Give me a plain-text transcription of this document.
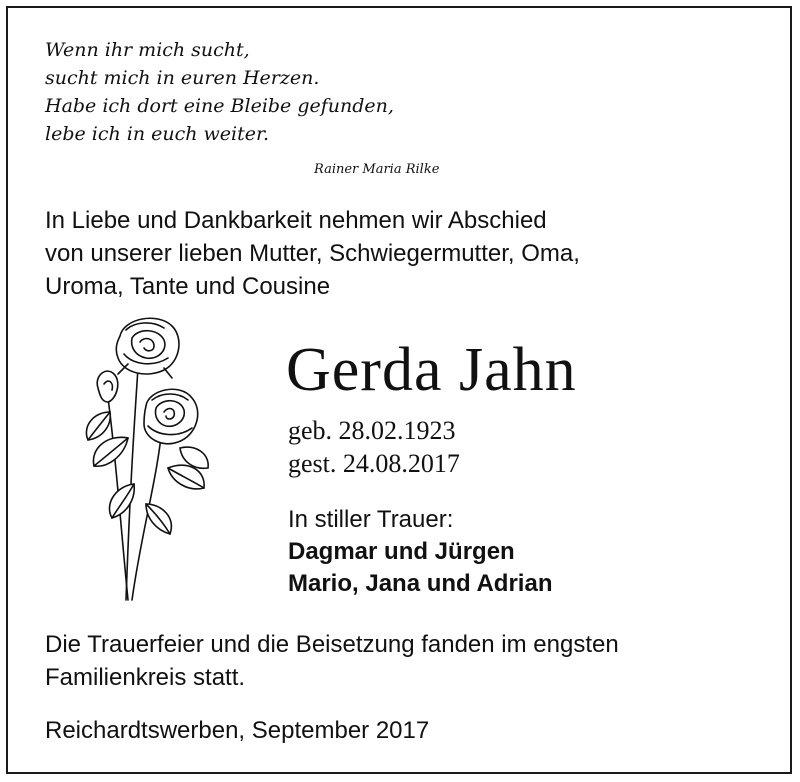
Wenn ihr mich sucht,
sucht mich in euren Herzen.
Habe ich dort eine Bleibe gefunden,
lebe ich in euch weiter.
Rainer Maria Rilke
In Liebe und Dankbarkeit nehmen wir Abschied
von unserer lieben Mutter, Schwiegermutter, Oma,
Uroma, Tante und Cousine
Gerda Jahn
geb. 28.02.1923
gest. 24.08.2017
In stiller Trauer:
Dagmar und Jürgen
Mario, Jana und Adrian
Die Trauerfeier und die Beisetzung fanden im engsten
Familienkreis statt.
Reichardtswerben, September 2017
